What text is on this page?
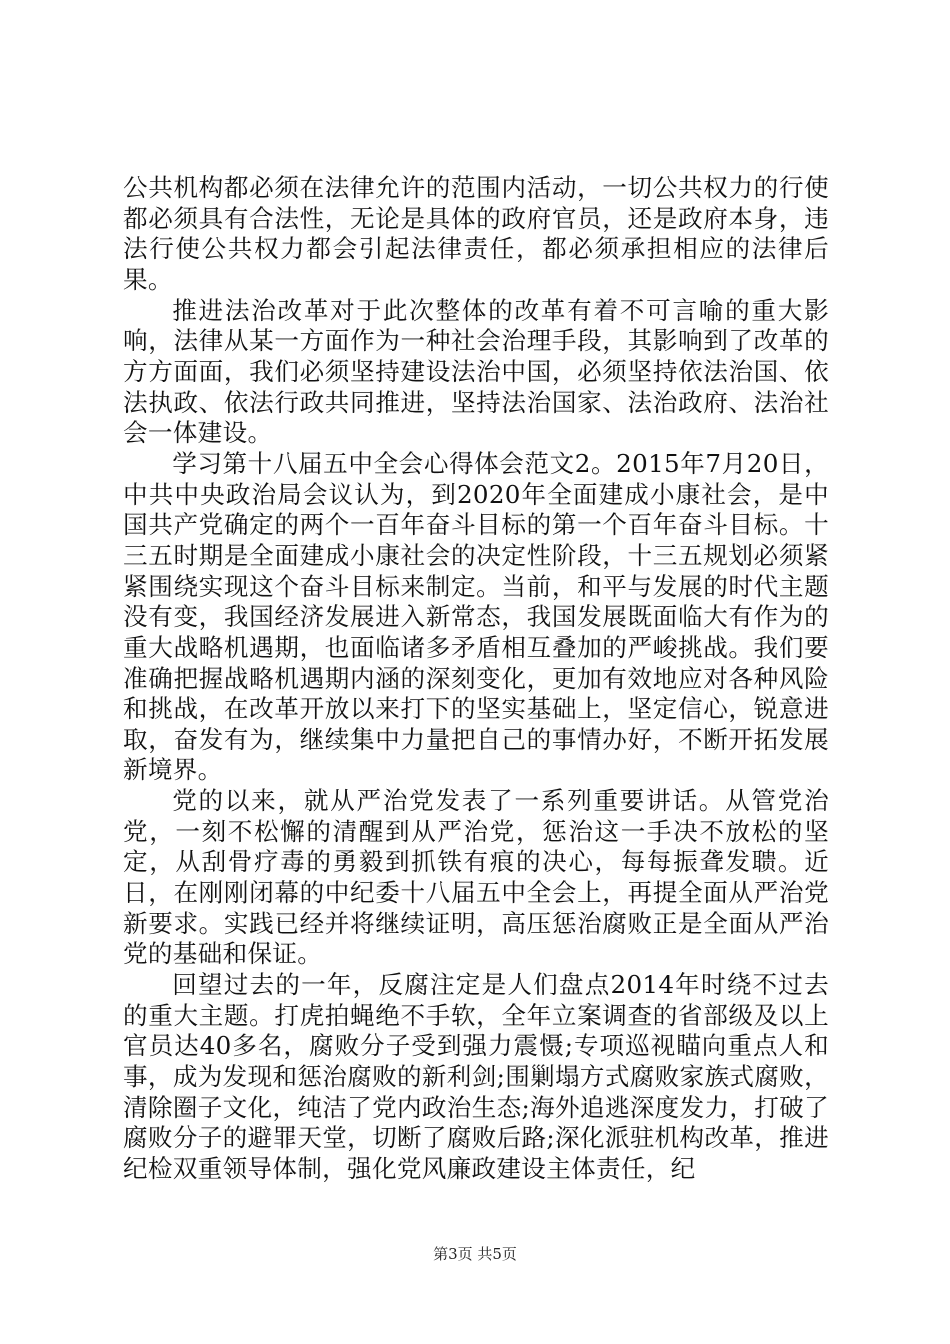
公共机构都必须在法律允许的范围内活动，一切公共权力的行使都必须具有合法性，无论是具体的政府官员，还是政府本身，违法行使公共权力都会引起法律责任，都必须承担相应的法律后果。

推进法治改革对于此次整体的改革有着不可言喻的重大影响，法律从某一方面作为一种社会治理手段，其影响到了改革的方方面面，我们必须坚持建设法治中国，必须坚持依法治国、依法执政、依法行政共同推进，坚持法治国家、法治政府、法治社会一体建设。

学习第十八届五中全会心得体会范文2。2015年7月20日，中共中央政治局会议认为，到2020年全面建成小康社会，是中国共产党确定的两个一百年奋斗目标的第一个百年奋斗目标。十三五时期是全面建成小康社会的决定性阶段，十三五规划必须紧紧围绕实现这个奋斗目标来制定。当前，和平与发展的时代主题没有变，我国经济发展进入新常态，我国发展既面临大有作为的重大战略机遇期，也面临诸多矛盾相互叠加的严峻挑战。我们要准确把握战略机遇期内涵的深刻变化，更加有效地应对各种风险和挑战，在改革开放以来打下的坚实基础上，坚定信心，锐意进取，奋发有为，继续集中力量把自己的事情办好，不断开拓发展新境界。

党的以来，就从严治党发表了一系列重要讲话。从管党治党，一刻不松懈的清醒到从严治党，惩治这一手决不放松的坚定，从刮骨疗毒的勇毅到抓铁有痕的决心，每每振聋发聩。近日，在刚刚闭幕的中纪委十八届五中全会上，再提全面从严治党新要求。实践已经并将继续证明，高压惩治腐败正是全面从严治党的基础和保证。

回望过去的一年，反腐注定是人们盘点2014年时绕不过去的重大主题。打虎拍蝇绝不手软，全年立案调查的省部级及以上官员达40多名，腐败分子受到强力震慑;专项巡视瞄向重点人和事，成为发现和惩治腐败的新利剑;围剿塌方式腐败家族式腐败，清除圈子文化，纯洁了党内政治生态;海外追逃深度发力，打破了腐败分子的避罪天堂，切断了腐败后路;深化派驻机构改革，推进纪检双重领导体制，强化党风廉政建设主体责任，纪

第3页 共5页
